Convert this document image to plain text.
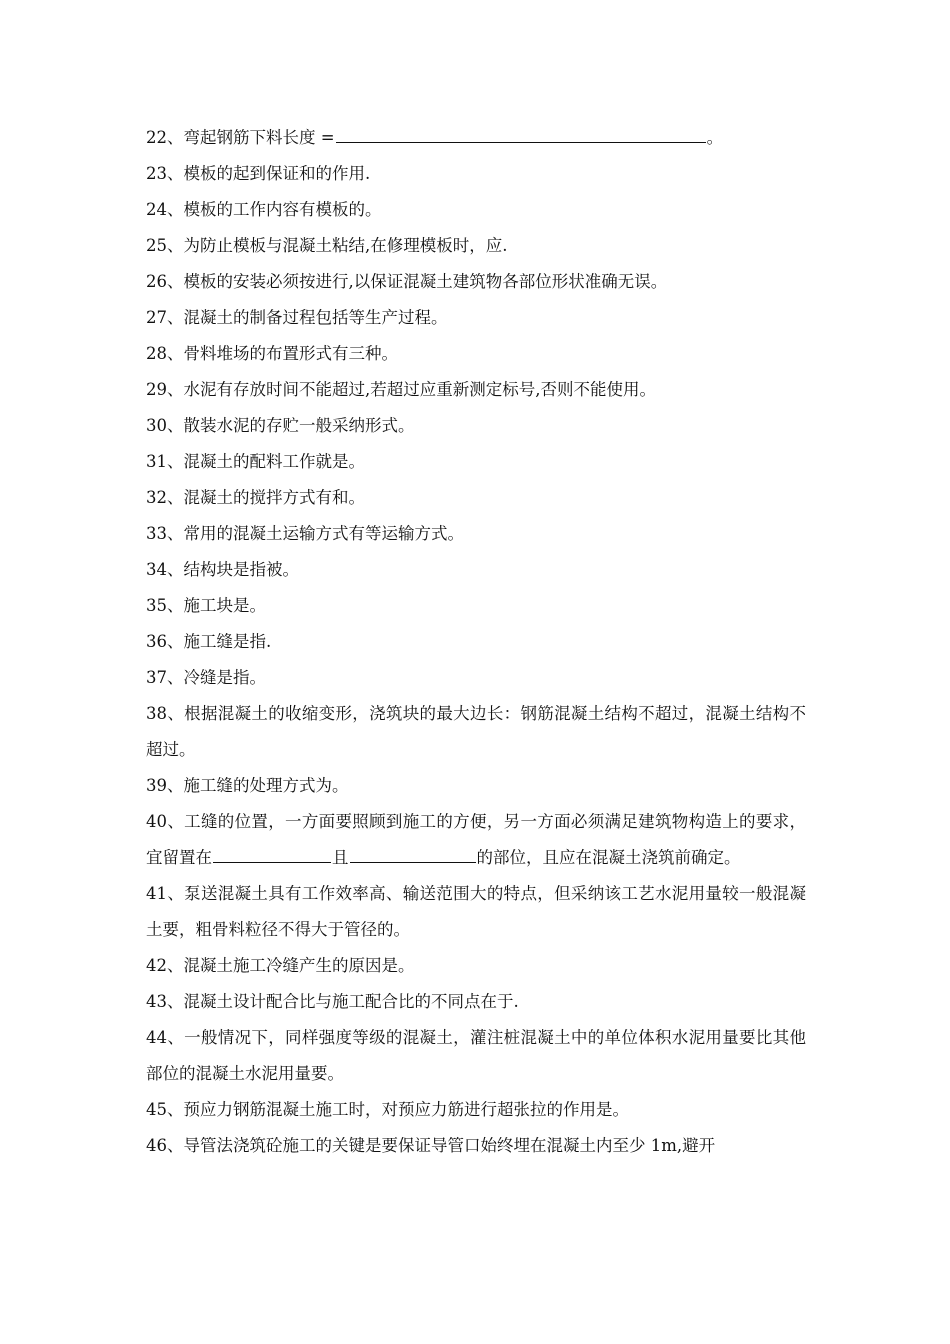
22、弯起钢筋下料长度 =	。

23、模板的起到保证和的作用.

24、模板的工作内容有模板的。

25、为防止模板与混凝土粘结,在修理模板时，应.

26、模板的安装必须按进行,以保证混凝土建筑物各部位形状准确无误。

27、混凝土的制备过程包括等生产过程。

28、骨料堆场的布置形式有三种。

29、水泥有存放时间不能超过,若超过应重新测定标号,否则不能使用。

30、散装水泥的存贮一般采纳形式。

31、混凝土的配料工作就是。

32、混凝土的搅拌方式有和。

33、常用的混凝土运输方式有等运输方式。

34、结构块是指被。

35、施工块是。

36、施工缝是指.

37、冷缝是指。

38、根据混凝土的收缩变形，浇筑块的最大边长：钢筋混凝土结构不超过，混凝土结构不超过。

39、施工缝的处理方式为。

40、工缝的位置，一方面要照顾到施工的方便，另一方面必须满足建筑物构造上的要求，宜留置在	且	的部位，且应在混凝土浇筑前确定。

41、泵送混凝土具有工作效率高、输送范围大的特点，但采纳该工艺水泥用量较一般混凝土要，粗骨料粒径不得大于管径的。

42、混凝土施工冷缝产生的原因是。

43、混凝土设计配合比与施工配合比的不同点在于.

44、一般情况下，同样强度等级的混凝土，灌注桩混凝土中的单位体积水泥用量要比其他部位的混凝土水泥用量要。

45、预应力钢筋混凝土施工时，对预应力筋进行超张拉的作用是。

46、导管法浇筑砼施工的关键是要保证导管口始终埋在混凝土内至少 1m,避开
